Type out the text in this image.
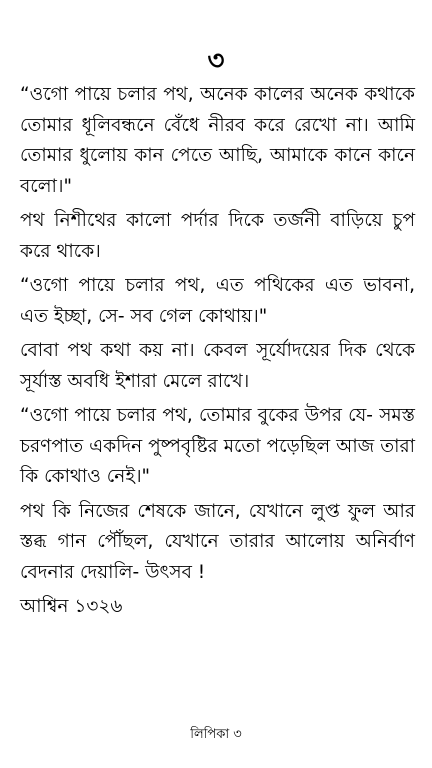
৩

“ওগো পায়ে চলার পথ, অনেক কালের অনেক কথাকে তোমার ধূলিবন্ধনে বেঁধে নীরব করে রেখো না। আমি তোমার ধুলোয় কান পেতে আছি, আমাকে কানে কানে বলো।"

পথ নিশীথের কালো পর্দার দিকে তর্জনী বাড়িয়ে চুপ করে থাকে।

“ওগো পায়ে চলার পথ, এত পথিকের এত ভাবনা, এত ইচ্ছা, সে- সব গেল কোথায়।"

বোবা পথ কথা কয় না। কেবল সূর্যোদয়ের দিক থেকে সূর্যাস্ত অবধি ইশারা মেলে রাখে।

“ওগো পায়ে চলার পথ, তোমার বুকের উপর যে- সমস্ত চরণপাত একদিন পুষ্পবৃষ্টির মতো পড়েছিল আজ তারা কি কোথাও নেই।"

পথ কি নিজের শেষকে জানে, যেখানে লুপ্ত ফুল আর স্তব্ধ গান পৌঁছল, যেখানে তারার আলোয় অনির্বাণ বেদনার দেয়ালি- উৎসব !

আশ্বিন ১৩২৬

লিপিকা ৩
